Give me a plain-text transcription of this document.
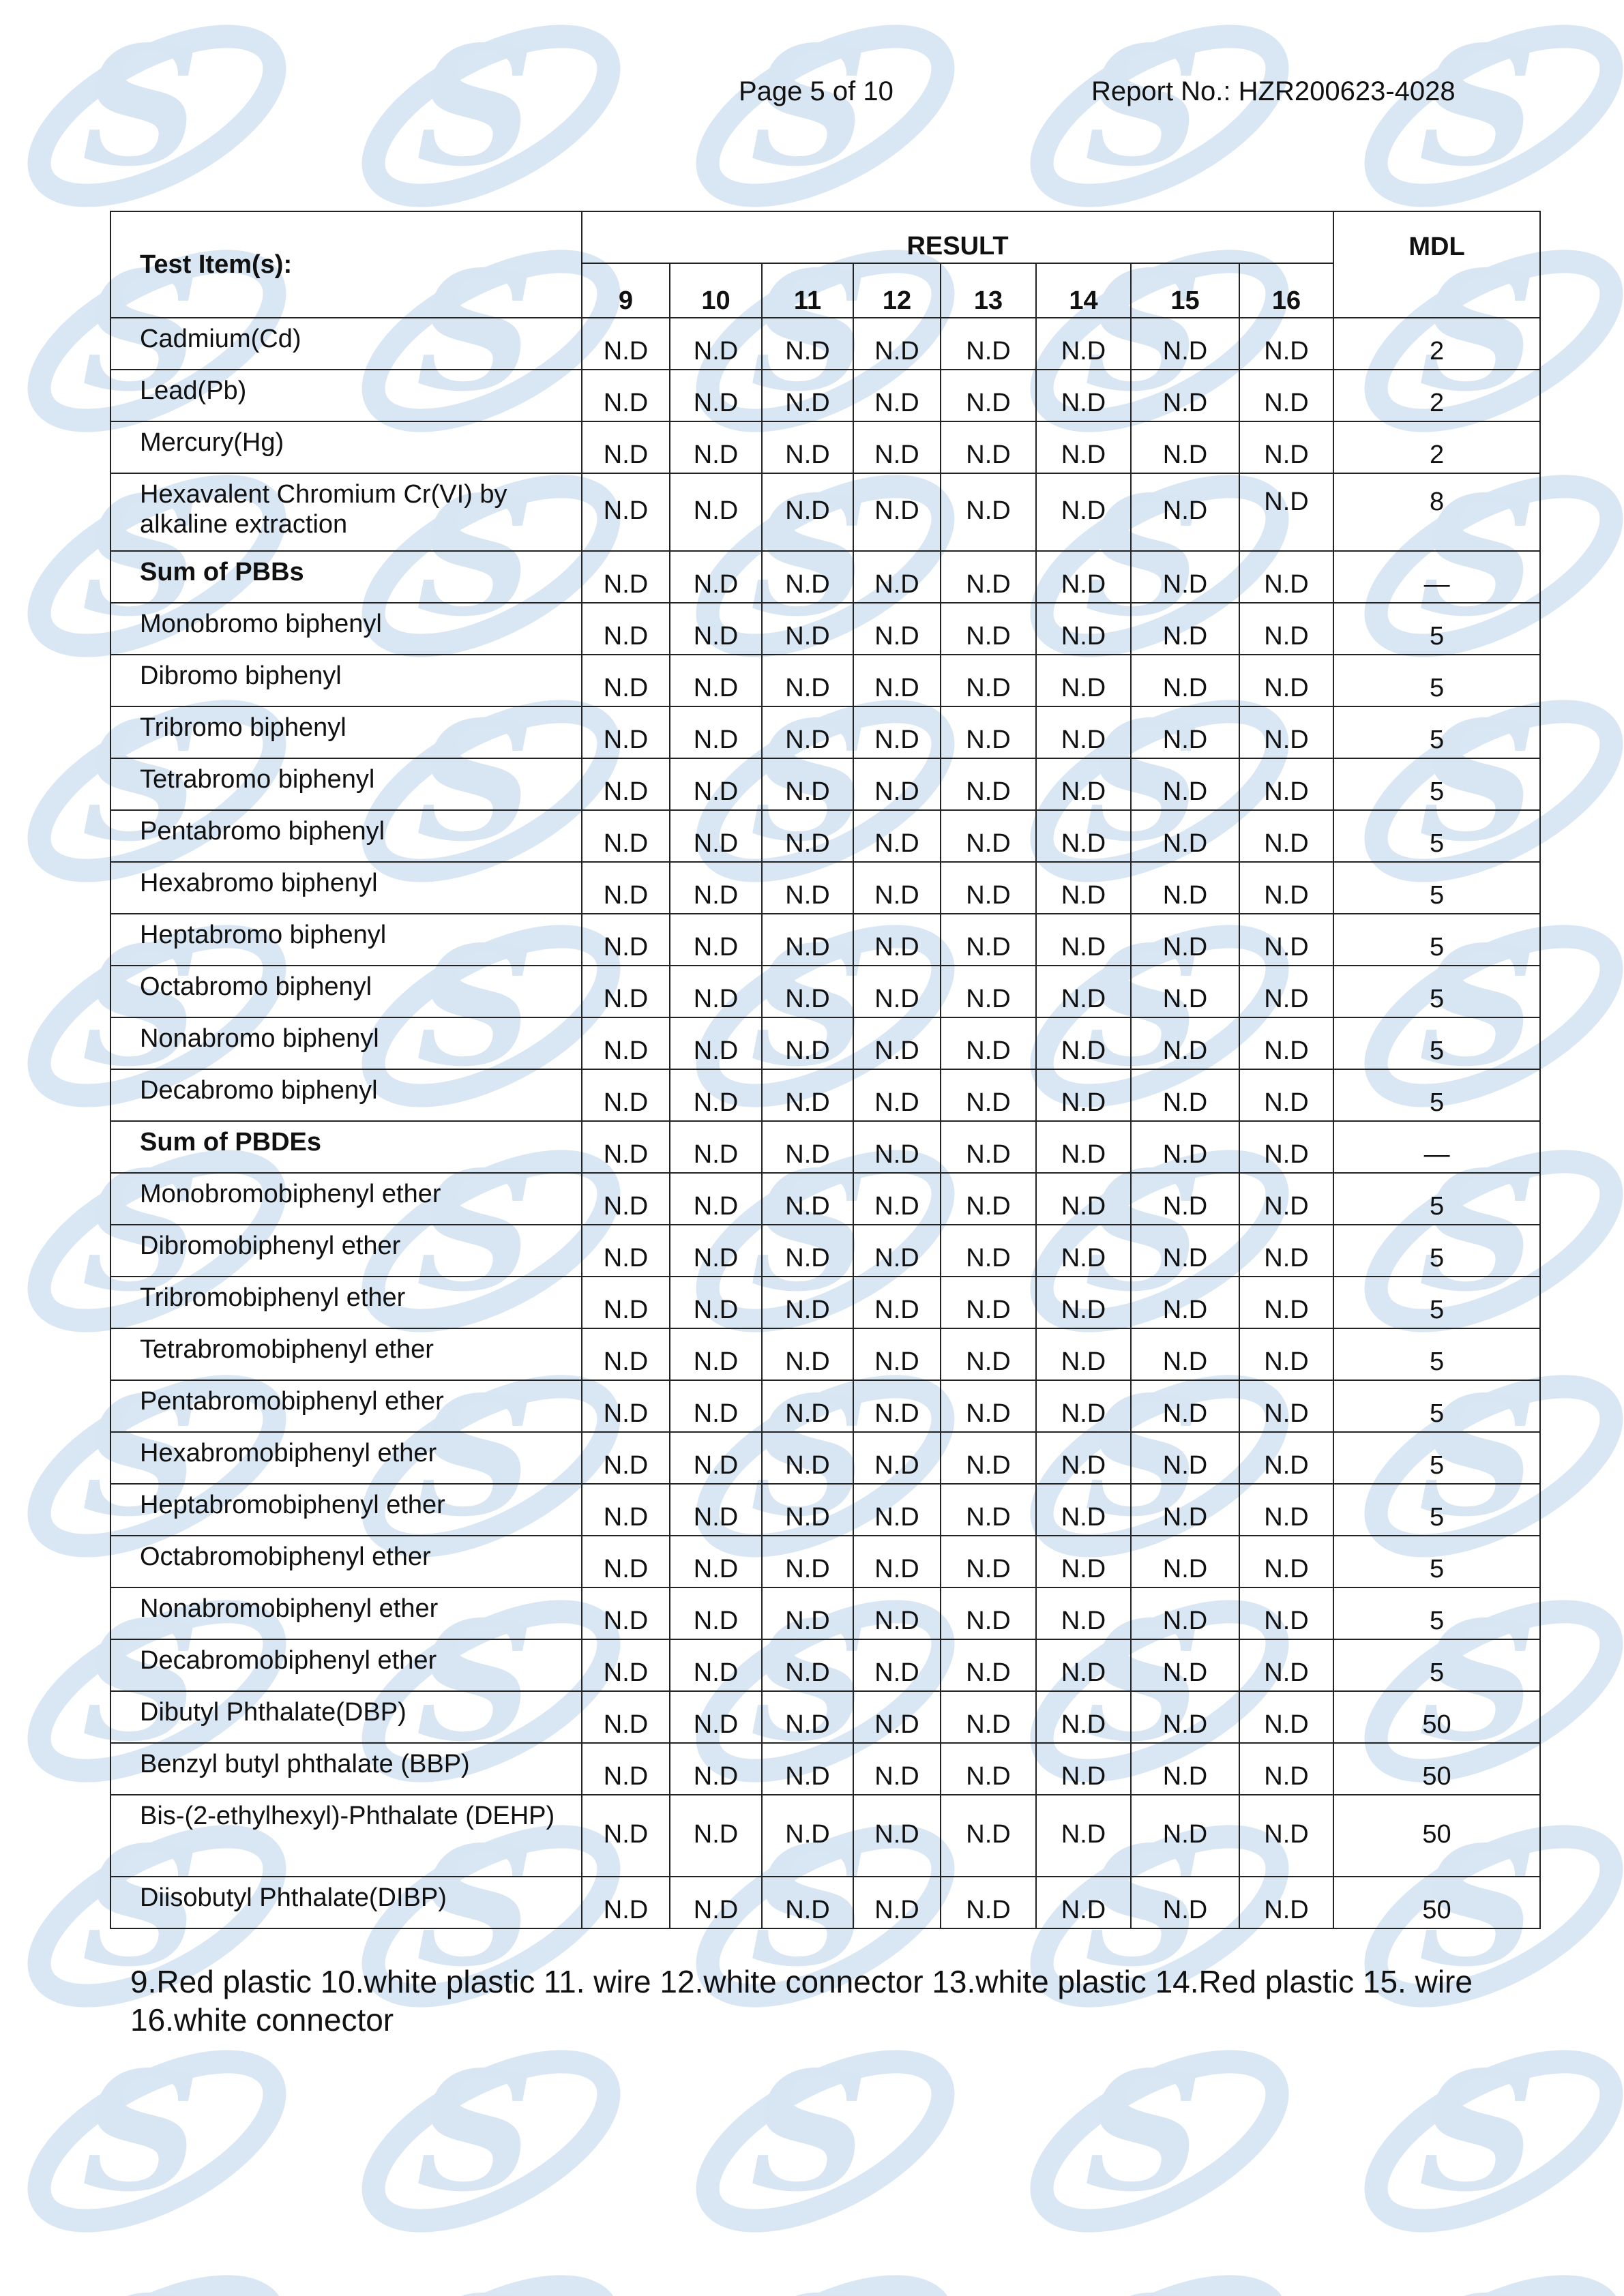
Page 5 of 10	Report No.: HZR200623-4028
Test Item(s):	RESULT								MDL
	9	10	11	12	13	14	15	16	
Cadmium(Cd)	N.D	N.D	N.D	N.D	N.D	N.D	N.D	N.D	2
Lead(Pb)	N.D	N.D	N.D	N.D	N.D	N.D	N.D	N.D	2
Mercury(Hg)	N.D	N.D	N.D	N.D	N.D	N.D	N.D	N.D	2
Hexavalent Chromium Cr(VI) by alkaline extraction	N.D	N.D	N.D	N.D	N.D	N.D	N.D	N.D	8
Sum of PBBs	N.D	N.D	N.D	N.D	N.D	N.D	N.D	N.D	—
Monobromo biphenyl	N.D	N.D	N.D	N.D	N.D	N.D	N.D	N.D	5
Dibromo biphenyl	N.D	N.D	N.D	N.D	N.D	N.D	N.D	N.D	5
Tribromo biphenyl	N.D	N.D	N.D	N.D	N.D	N.D	N.D	N.D	5
Tetrabromo biphenyl	N.D	N.D	N.D	N.D	N.D	N.D	N.D	N.D	5
Pentabromo biphenyl	N.D	N.D	N.D	N.D	N.D	N.D	N.D	N.D	5
Hexabromo biphenyl	N.D	N.D	N.D	N.D	N.D	N.D	N.D	N.D	5
Heptabromo biphenyl	N.D	N.D	N.D	N.D	N.D	N.D	N.D	N.D	5
Octabromo biphenyl	N.D	N.D	N.D	N.D	N.D	N.D	N.D	N.D	5
Nonabromo biphenyl	N.D	N.D	N.D	N.D	N.D	N.D	N.D	N.D	5
Decabromo biphenyl	N.D	N.D	N.D	N.D	N.D	N.D	N.D	N.D	5
Sum of PBDEs	N.D	N.D	N.D	N.D	N.D	N.D	N.D	N.D	—
Monobromobiphenyl ether	N.D	N.D	N.D	N.D	N.D	N.D	N.D	N.D	5
Dibromobiphenyl ether	N.D	N.D	N.D	N.D	N.D	N.D	N.D	N.D	5
Tribromobiphenyl ether	N.D	N.D	N.D	N.D	N.D	N.D	N.D	N.D	5
Tetrabromobiphenyl ether	N.D	N.D	N.D	N.D	N.D	N.D	N.D	N.D	5
Pentabromobiphenyl ether	N.D	N.D	N.D	N.D	N.D	N.D	N.D	N.D	5
Hexabromobiphenyl ether	N.D	N.D	N.D	N.D	N.D	N.D	N.D	N.D	5
Heptabromobiphenyl ether	N.D	N.D	N.D	N.D	N.D	N.D	N.D	N.D	5
Octabromobiphenyl ether	N.D	N.D	N.D	N.D	N.D	N.D	N.D	N.D	5
Nonabromobiphenyl ether	N.D	N.D	N.D	N.D	N.D	N.D	N.D	N.D	5
Decabromobiphenyl ether	N.D	N.D	N.D	N.D	N.D	N.D	N.D	N.D	5
Dibutyl Phthalate(DBP)	N.D	N.D	N.D	N.D	N.D	N.D	N.D	N.D	50
Benzyl butyl phthalate (BBP)	N.D	N.D	N.D	N.D	N.D	N.D	N.D	N.D	50
Bis-(2-ethylhexyl)-Phthalate (DEHP)	N.D	N.D	N.D	N.D	N.D	N.D	N.D	N.D	50
Diisobutyl Phthalate(DIBP)	N.D	N.D	N.D	N.D	N.D	N.D	N.D	N.D	50
9.Red plastic 10.white plastic 11. wire 12.white connector 13.white plastic 14.Red plastic 15. wire 16.white connector
